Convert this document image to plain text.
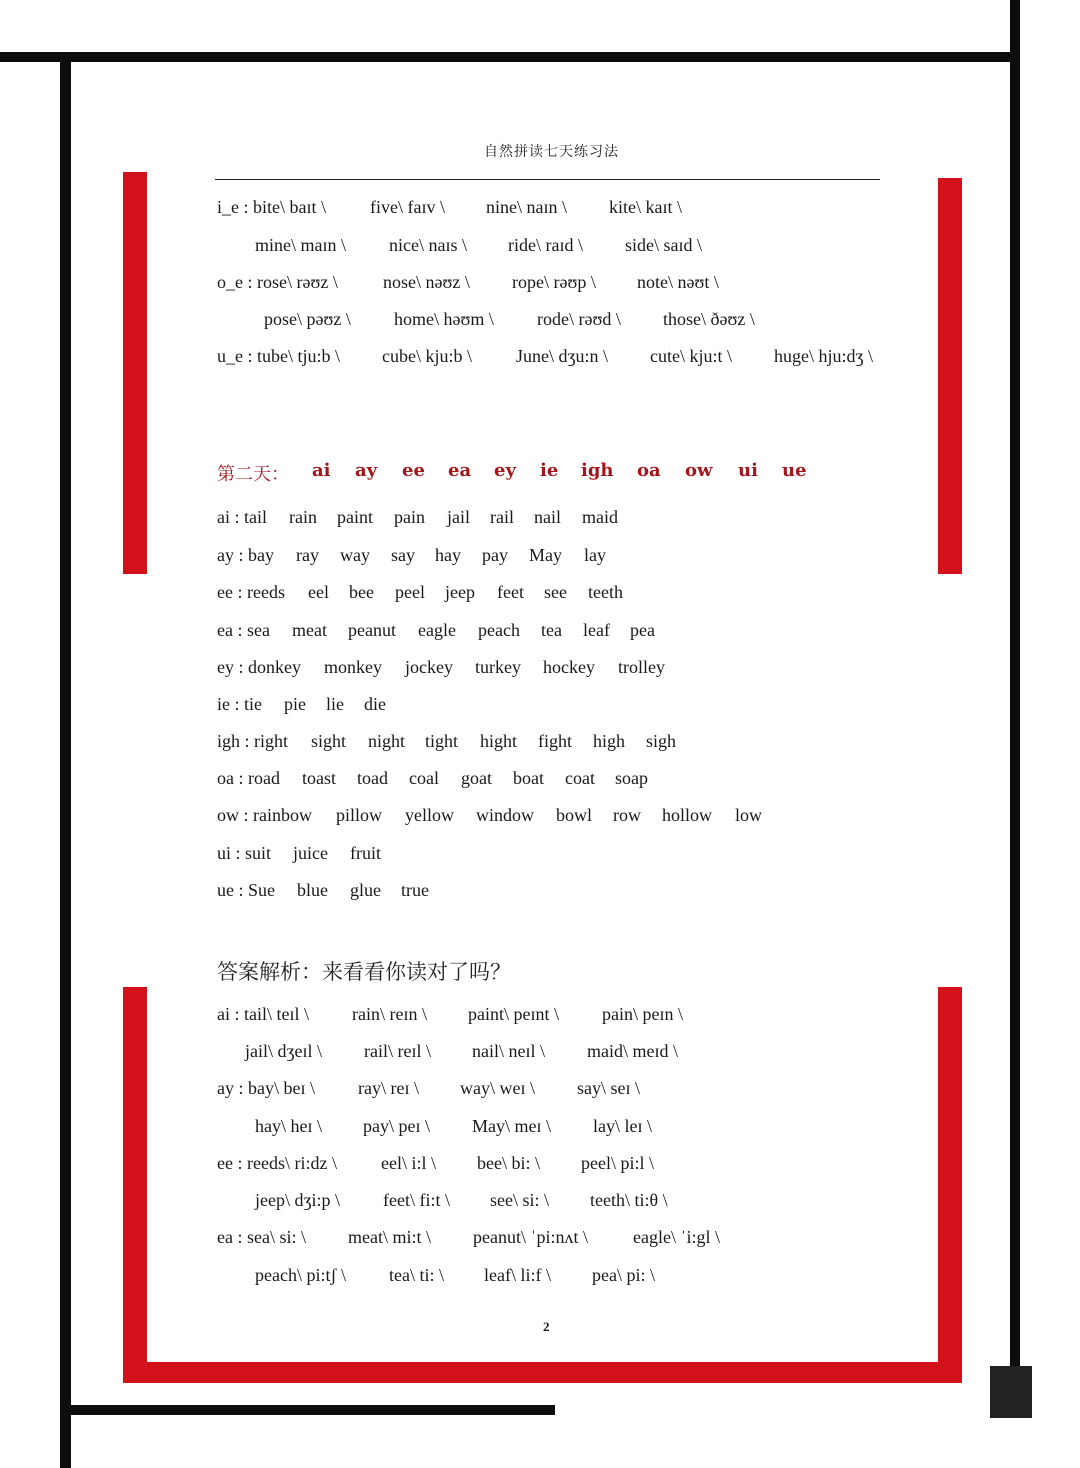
自然拼读七天练习法
i_e : bite\ baɪt \ five\ faɪv \ nine\ naɪn \ kite\ kaɪt \
mine\ maɪn \ nice\ naɪs \ ride\ raɪd \ side\ saɪd \
o_e : rose\ rəʊz \	nose\ nəʊz \ rope\ rəʊp \ note\ nəʊt \
pose\ pəʊz \ home\ həʊm \ rode\ rəʊd \ those\ ðəʊz \
u_e : tube\ tju:b \ cube\ kju:b \ June\ dʒu:n \ cute\ kju:t \ huge\ hju:dʒ \
第二天： ai ay ee ea ey ie igh oa ow ui ue
ai : tail rain paint pain jail rail nail maid
ay : bay ray way say hay pay May lay
ee : reeds eel bee peel jeep feet see teeth
ea : sea meat peanut eagle peach tea leaf pea
ey : donkey monkey jockey turkey hockey trolley
ie : tie pie lie die
igh : right sight night tight hight fight high sigh
oa : road toast toad coal goat boat coat soap
ow : rainbow pillow yellow window bowl row hollow low
ui : suit juice fruit
ue : Sue blue glue true
答案解析：来看看你读对了吗？
ai : tail\ teɪl \ rain\ reɪn \ paint\ peɪnt \ pain\ peɪn \
jail\ dʒeɪl \ rail\ reɪl \ nail\ neɪl \ maid\ meɪd \
ay : bay\ beɪ \ ray\ reɪ \ way\ weɪ \ say\ seɪ \
hay\ heɪ \ pay\ peɪ \ May\ meɪ \ lay\ leɪ \
ee : reeds\ ri:dz \ eel\ i:l \ bee\ bi: \ peel\ pi:l \
jeep\ dʒi:p \ feet\ fi:t \ see\ si: \ teeth\ ti:θ \
ea : sea\ si: \ meat\ mi:t \ peanut\ ˈpi:nʌt \	eagle\ ˈi:gl \
peach\ pi:tʃ \ tea\ ti: \ leaf\ li:f \ pea\ pi: \
2
